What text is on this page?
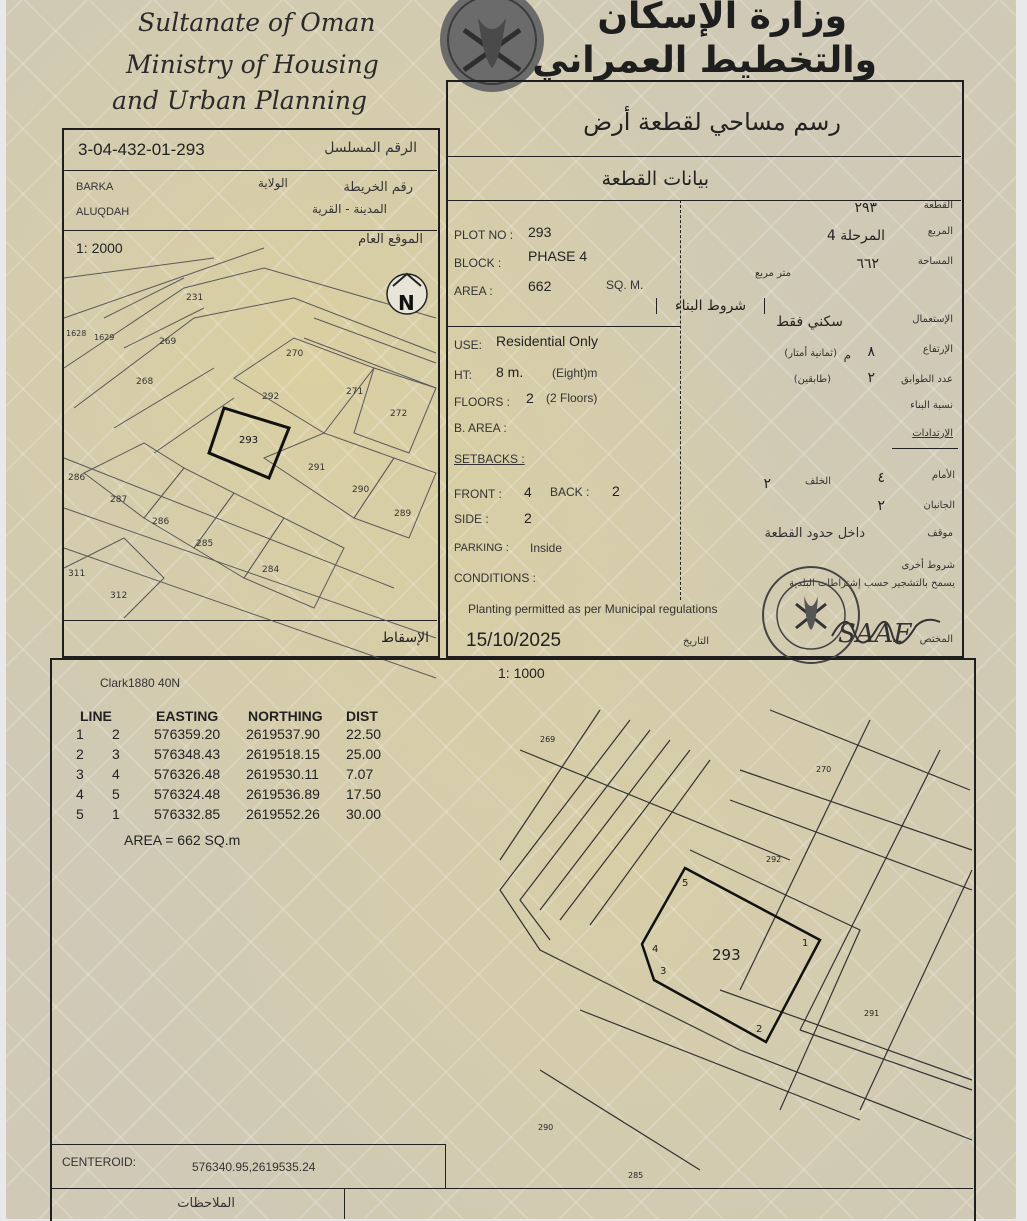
Sultanate of Oman
Ministry of Housing
and Urban Planning
وزارة الإسكان
والتخطيط العمراني
3-04-432-01-293	الرقم المسلسل
BARKA	الولاية	رقم الخريطة
ALUQDAH	المدينة - القرية
1: 2000
الموقع العام
231
269
268
270
292	271
272
293
291
290
289
286
287
286
285
284
311
312
1628 1629
N
الإسقاط
رسم مساحي لقطعة أرض
بيانات القطعة
PLOT NO : 293
٢٩٣	القطعة
BLOCK : PHASE 4
المرحلة 4	المربع
AREA :	662	SQ. M.
٦٦٢	المساحة
متر مربع
شروط البناء
USE: Residential Only
سكني فقط	الإستعمال
HT: 8 m. (Eight)m
٨
م
(ثمانية أمتار)	الإرتفاع
FLOORS : 2 (2 Floors)
٢
(طابقين)	عدد الطوابق
B. AREA :
نسبة البناء
SETBACKS :
الإرتدادات
FRONT : 4 BACK : 2
٤	الأمام
٢	الخلف
SIDE :	2
٢	الجانبان
PARKING : Inside
داخل حدود القطعة	موقف
CONDITIONS :
شروط أخرى
يسمح بالتشجير حسب إشتراطات البلدية
Planting permitted as per Municipal regulations
15/10/2025	التاريخ	المختص
SAAF
Clark1880 40N
1: 1000
LINE	EASTING NORTHING DIST
1 2 576359.20 2619537.90 22.50
2 3 576348.43 2619518.15 25.00
3 4 576326.48 2619530.11 7.07
4 5 576324.48 2619536.89 17.50
5 1 576332.85 2619552.26 30.00
AREA = 662 SQ.m
293
269
270
292
291
290
285
1
2
3
4
5
CENTEROID:	576340.95,2619535.24
الملاحظات
